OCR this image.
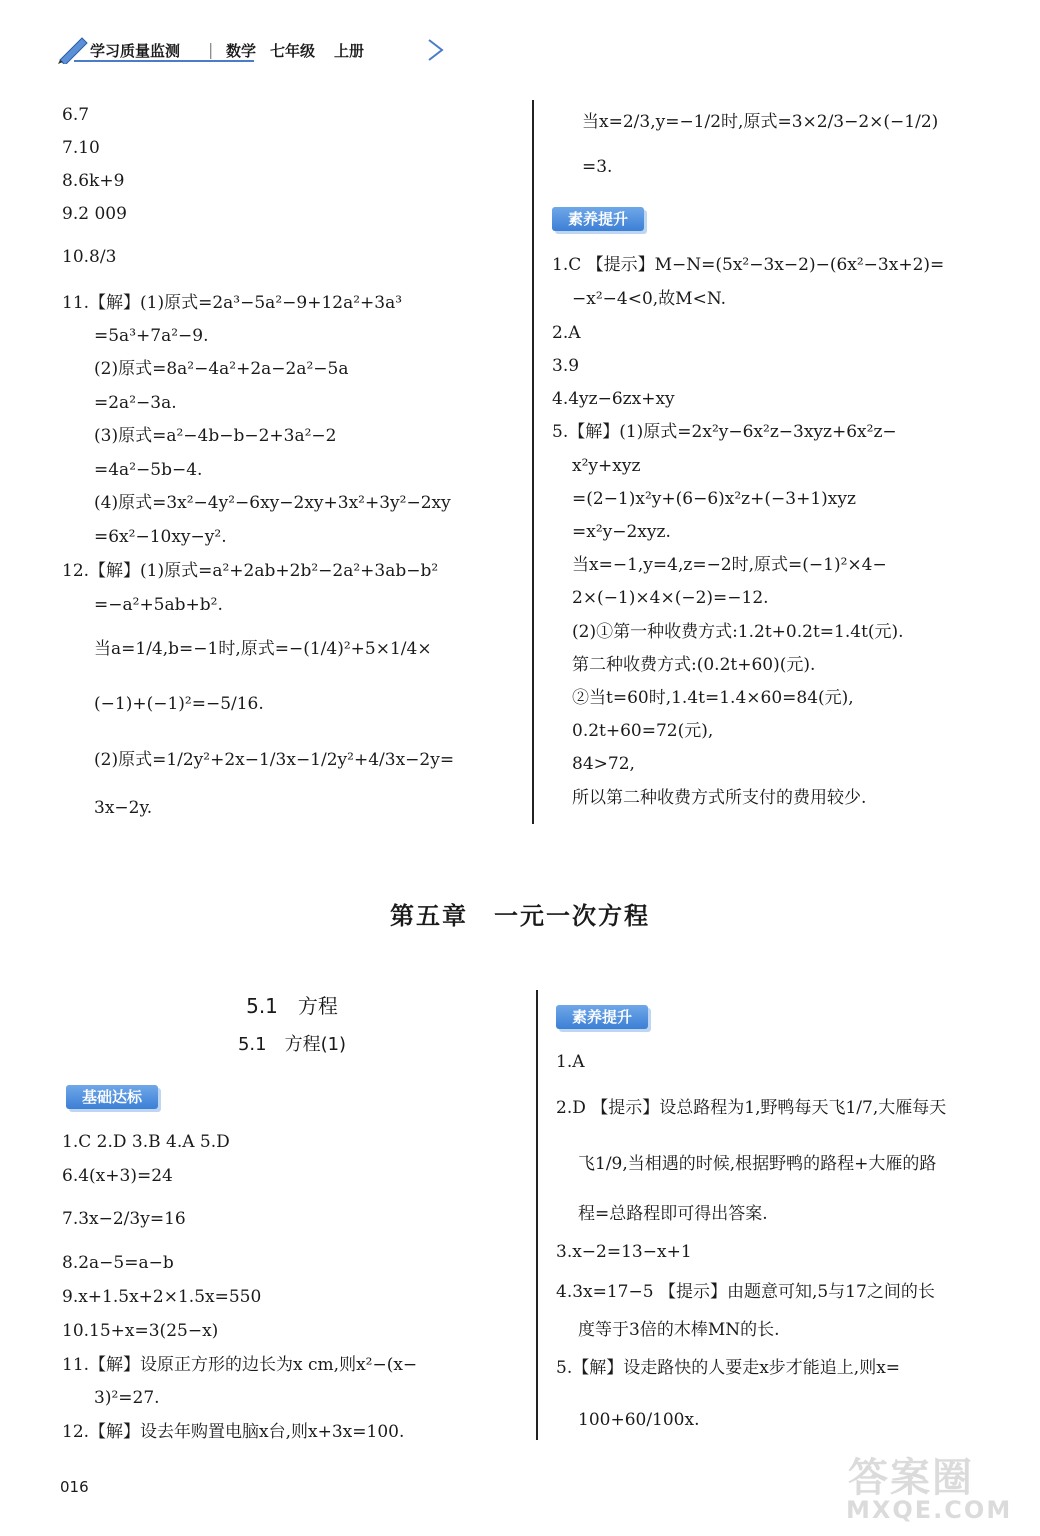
学习质量监测 | 数学 七年级 上册
6.7
7.10
8.6k+9
9.2 009
10.8/3
11.【解】(1)原式=2a³−5a²−9+12a²+3a³
=5a³+7a²−9.
(2)原式=8a²−4a²+2a−2a²−5a
=2a²−3a.
(3)原式=a²−4b−b−2+3a²−2
=4a²−5b−4.
(4)原式=3x²−4y²−6xy−2xy+3x²+3y²−2xy
=6x²−10xy−y².
12.【解】(1)原式=a²+2ab+2b²−2a²+3ab−b²
=−a²+5ab+b².
当a=1/4,b=−1时,原式=−(1/4)²+5×1/4×
(−1)+(−1)²=−5/16.
(2)原式=1/2y²+2x−1/3x−1/2y²+4/3x−2y=
3x−2y.
当x=2/3,y=−1/2时,原式=3×2/3−2×(−1/2)
=3.
素养提升
1.C 【提示】M−N=(5x²−3x−2)−(6x²−3x+2)=
−x²−4<0,故M<N.
2.A
3.9
4.4yz−6zx+xy
5.【解】(1)原式=2x²y−6x²z−3xyz+6x²z−
x²y+xyz
=(2−1)x²y+(6−6)x²z+(−3+1)xyz
=x²y−2xyz.
当x=−1,y=4,z=−2时,原式=(−1)²×4−
2×(−1)×4×(−2)=−12.
(2)①第一种收费方式:1.2t+0.2t=1.4t(元).
第二种收费方式:(0.2t+60)(元).
②当t=60时,1.4t=1.4×60=84(元),
0.2t+60=72(元),
84>72,
所以第二种收费方式所支付的费用较少.
第五章　一元一次方程
5.1　方程
5.1　方程(1)
基础达标
1.C 2.D 3.B 4.A 5.D
6.4(x+3)=24
7.3x−2/3y=16
8.2a−5=a−b
9.x+1.5x+2×1.5x=550
10.15+x=3(25−x)
11.【解】设原正方形的边长为x cm,则x²−(x−
3)²=27.
12.【解】设去年购置电脑x台,则x+3x=100.
素养提升
1.A
2.D 【提示】设总路程为1,野鸭每天飞1/7,大雁每天
飞1/9,当相遇的时候,根据野鸭的路程+大雁的路
程=总路程即可得出答案.
3.x−2=13−x+1
4.3x=17−5 【提示】由题意可知,5与17之间的长
度等于3倍的木棒MN的长.
5.【解】设走路快的人要走x步才能追上,则x=
100+60/100x.
016	答案圈
MXQE.COM
